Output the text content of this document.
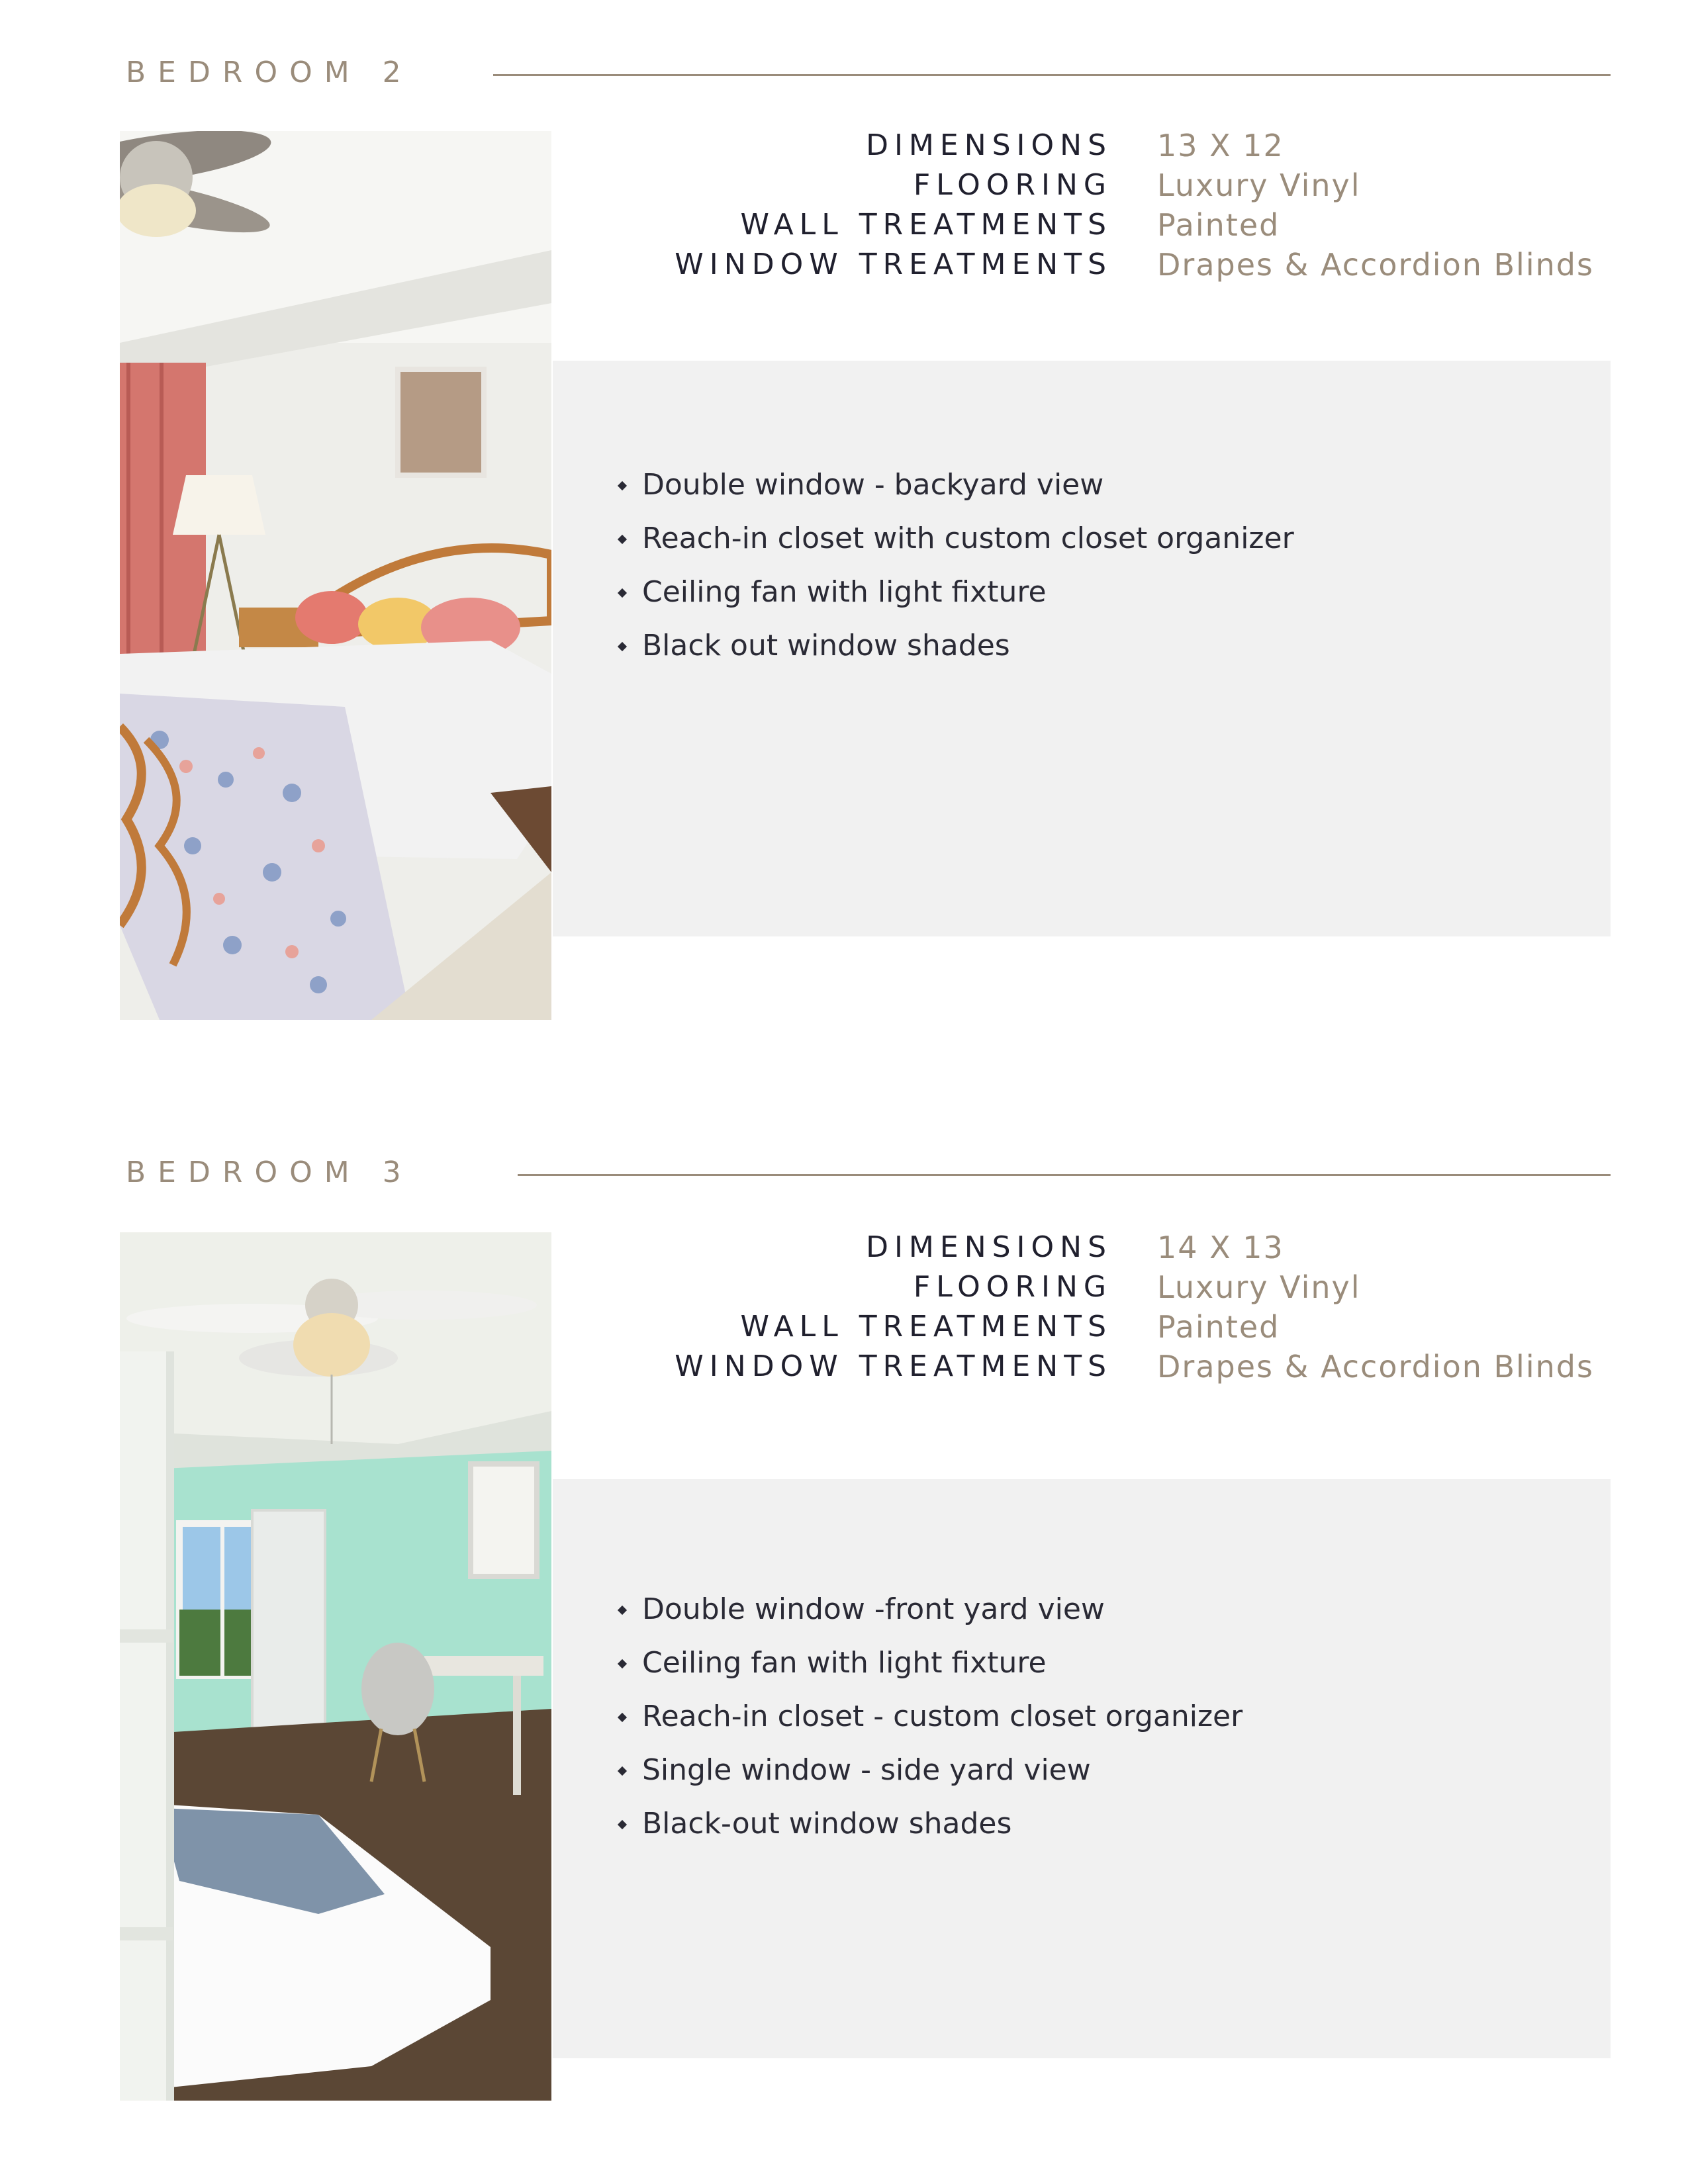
BEDROOM 2
DIMENSIONS
FLOORING
WALL TREATMENTS
WINDOW TREATMENTS
13 X 12
Luxury Vinyl
Painted
Drapes & Accordion Blinds
Double window - backyard view
Reach-in closet with custom closet organizer
Ceiling fan with light fixture
Black out window shades
BEDROOM 3
DIMENSIONS
FLOORING
WALL TREATMENTS
WINDOW TREATMENTS
14 X 13
Luxury Vinyl
Painted
Drapes & Accordion Blinds
Double window -front yard view
Ceiling fan with light fixture
Reach-in closet - custom closet organizer
Single window - side yard view
Black-out window shades
